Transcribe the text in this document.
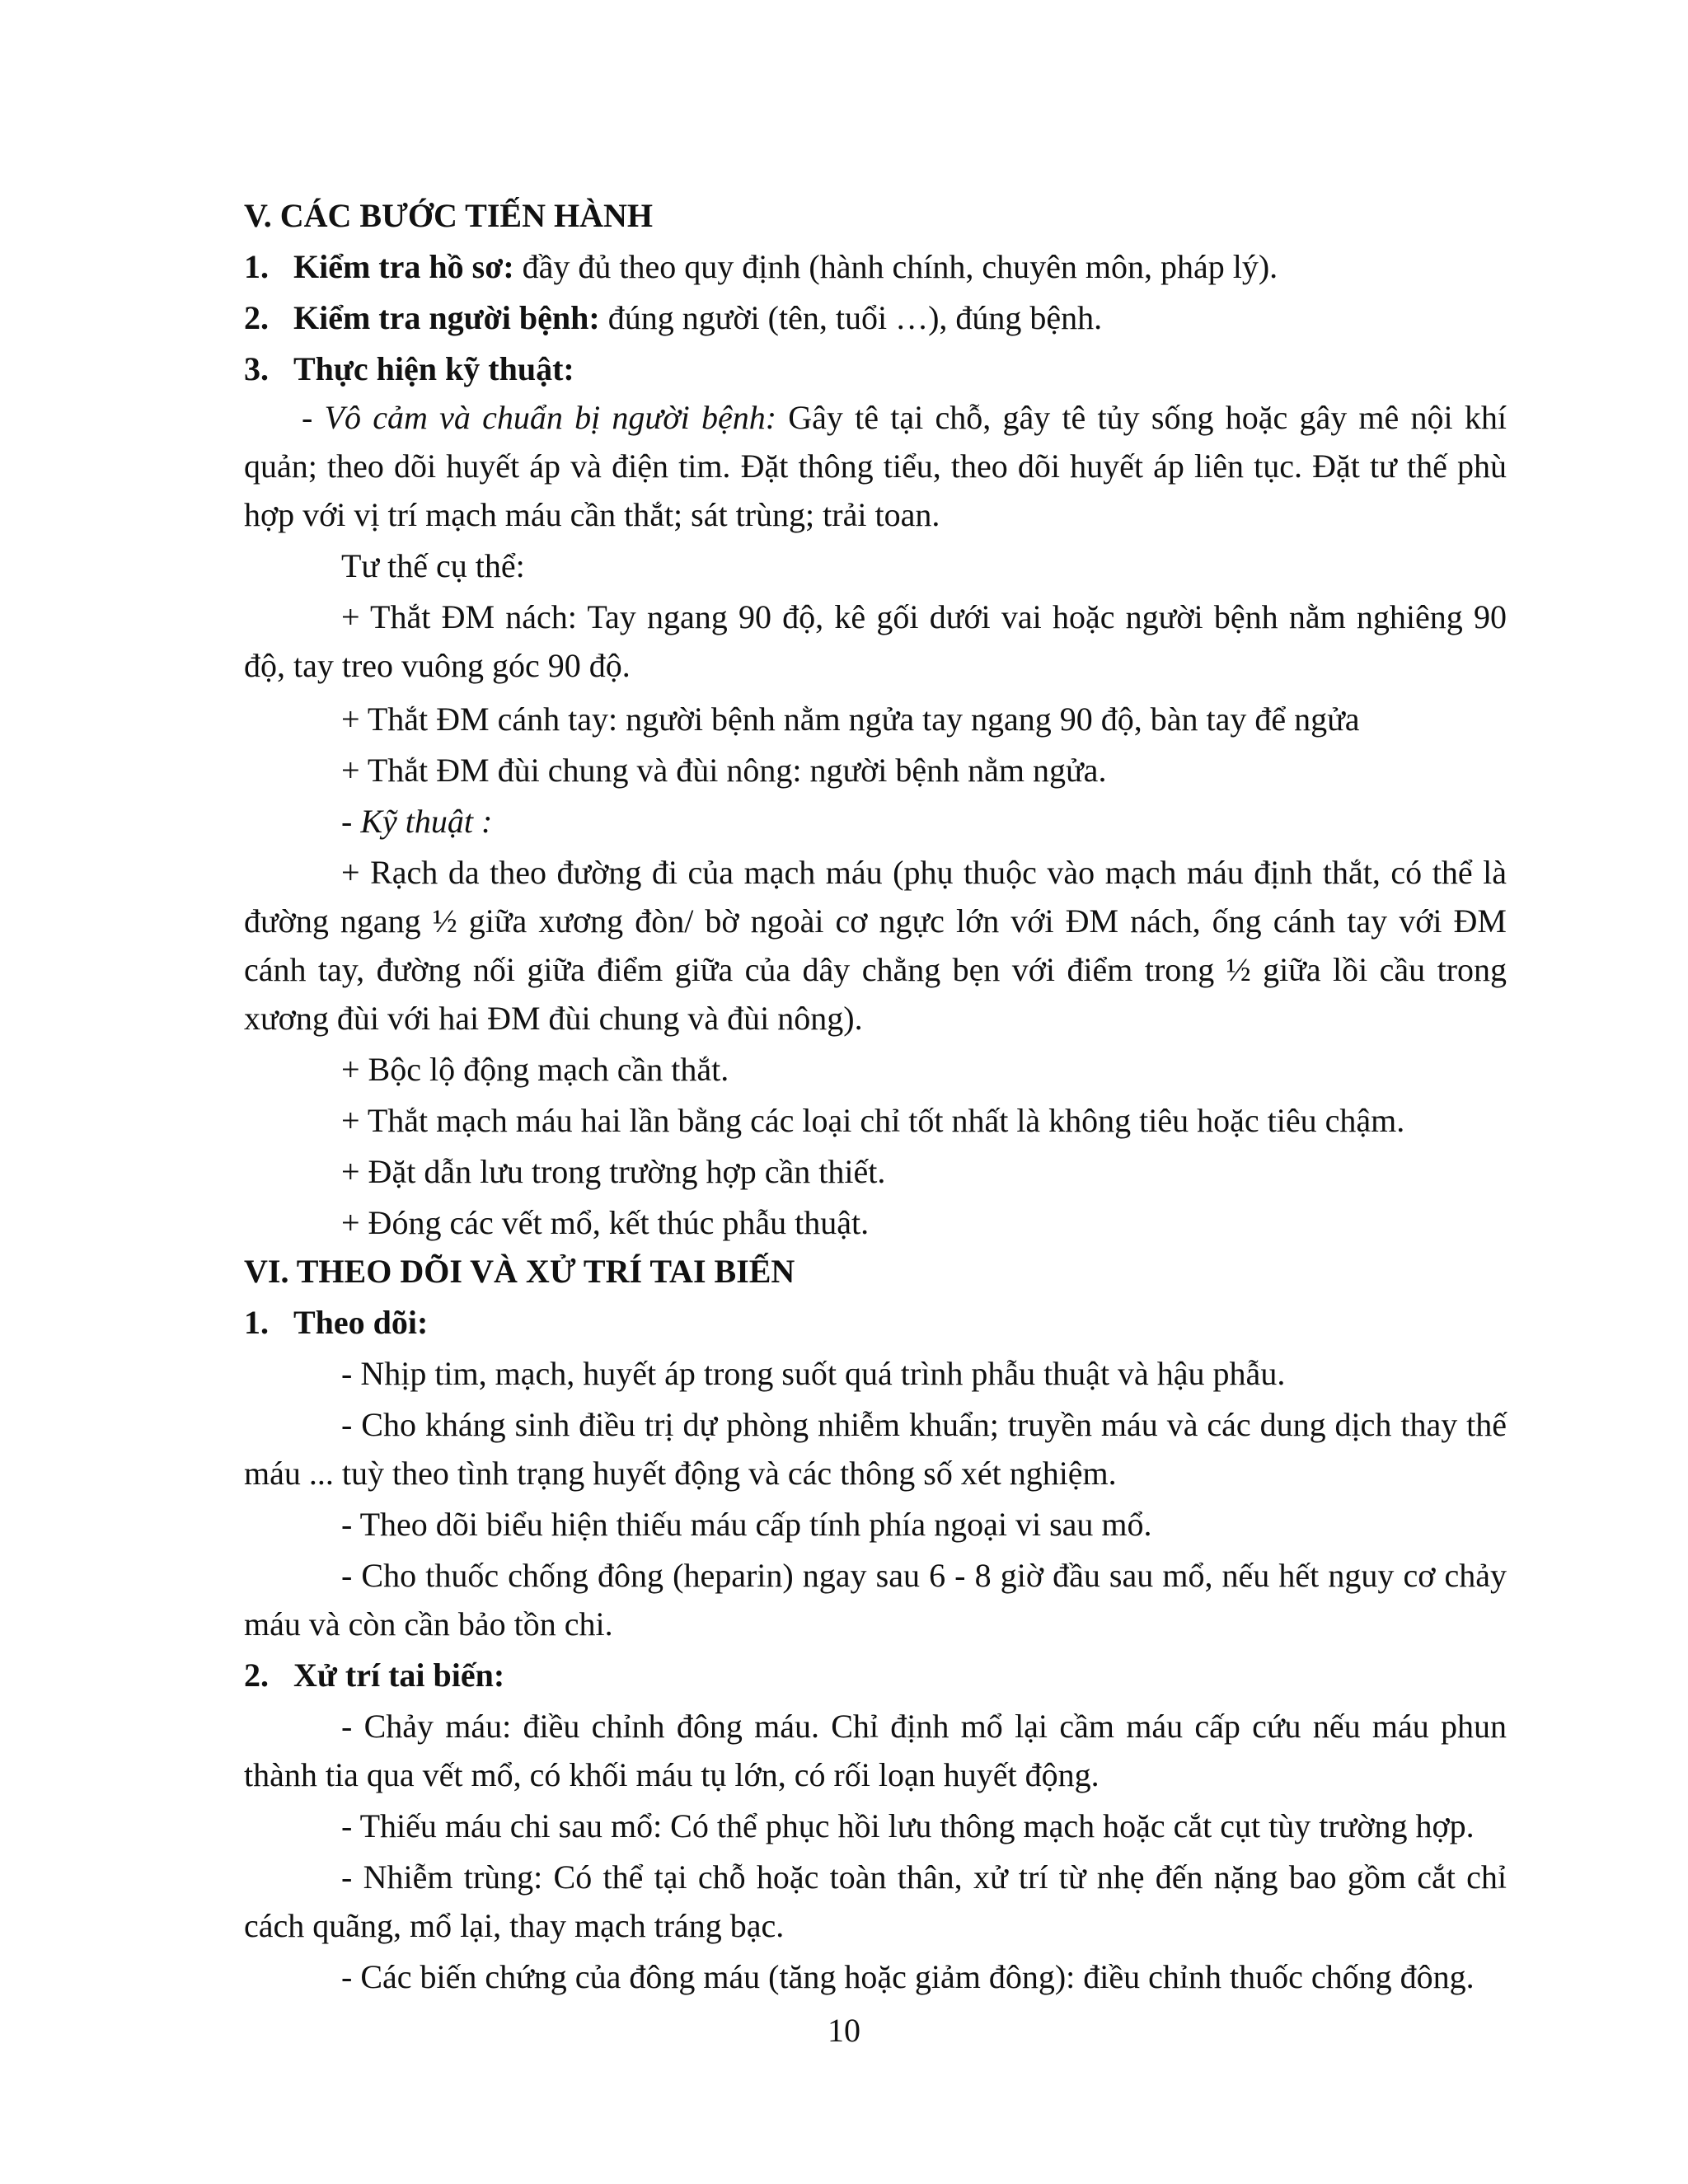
V. CÁC BƯỚC TIẾN HÀNH

1. Kiểm tra hồ sơ: đầy đủ theo quy định (hành chính, chuyên môn, pháp lý).

2. Kiểm tra người bệnh: đúng người (tên, tuổi …), đúng bệnh.

3. Thực hiện kỹ thuật:

- Vô cảm và chuẩn bị người bệnh: Gây tê tại chỗ, gây tê tủy sống hoặc gây mê nội khí quản; theo dõi huyết áp và điện tim. Đặt thông tiểu, theo dõi huyết áp liên tục. Đặt tư thế phù hợp với vị trí mạch máu cần thắt; sát trùng; trải toan.

Tư thế cụ thể:

+ Thắt ĐM nách: Tay ngang 90 độ, kê gối dưới vai hoặc người bệnh nằm nghiêng 90 độ, tay treo vuông góc 90 độ.

+ Thắt ĐM cánh tay: người bệnh nằm ngửa tay ngang 90 độ, bàn tay để ngửa

+ Thắt ĐM đùi chung và đùi nông: người bệnh nằm ngửa.

- Kỹ thuật :

+ Rạch da theo đường đi của mạch máu (phụ thuộc vào mạch máu định thắt, có thể là đường ngang ½ giữa xương đòn/ bờ ngoài cơ ngực lớn với ĐM nách, ống cánh tay với ĐM cánh tay, đường nối giữa điểm giữa của dây chằng bẹn với điểm trong ½ giữa lồi cầu trong xương đùi với hai ĐM đùi chung và đùi nông).

+ Bộc lộ động mạch cần thắt.

+ Thắt mạch máu hai lần bằng các loại chỉ tốt nhất là không tiêu hoặc tiêu chậm.

+ Đặt dẫn lưu trong trường hợp cần thiết.

+ Đóng các vết mổ, kết thúc phẫu thuật.

VI. THEO DÕI VÀ XỬ TRÍ TAI BIẾN

1. Theo dõi:

- Nhịp tim, mạch, huyết áp trong suốt quá trình phẫu thuật và hậu phẫu.

- Cho kháng sinh điều trị dự phòng nhiễm khuẩn; truyền máu và các dung dịch thay thế máu ... tuỳ theo tình trạng huyết động và các thông số xét nghiệm.

- Theo dõi biểu hiện thiếu máu cấp tính phía ngoại vi sau mổ.

- Cho thuốc chống đông (heparin) ngay sau 6 - 8 giờ đầu sau mổ, nếu hết nguy cơ chảy máu và còn cần bảo tồn chi.

2. Xử trí tai biến:

- Chảy máu: điều chỉnh đông máu. Chỉ định mổ lại cầm máu cấp cứu nếu máu phun thành tia qua vết mổ, có khối máu tụ lớn, có rối loạn huyết động.

- Thiếu máu chi sau mổ: Có thể phục hồi lưu thông mạch hoặc cắt cụt tùy trường hợp.

- Nhiễm trùng: Có thể tại chỗ hoặc toàn thân, xử trí từ nhẹ đến nặng bao gồm cắt chỉ cách quãng, mổ lại, thay mạch tráng bạc.

- Các biến chứng của đông máu (tăng hoặc giảm đông): điều chỉnh thuốc chống đông.

10
